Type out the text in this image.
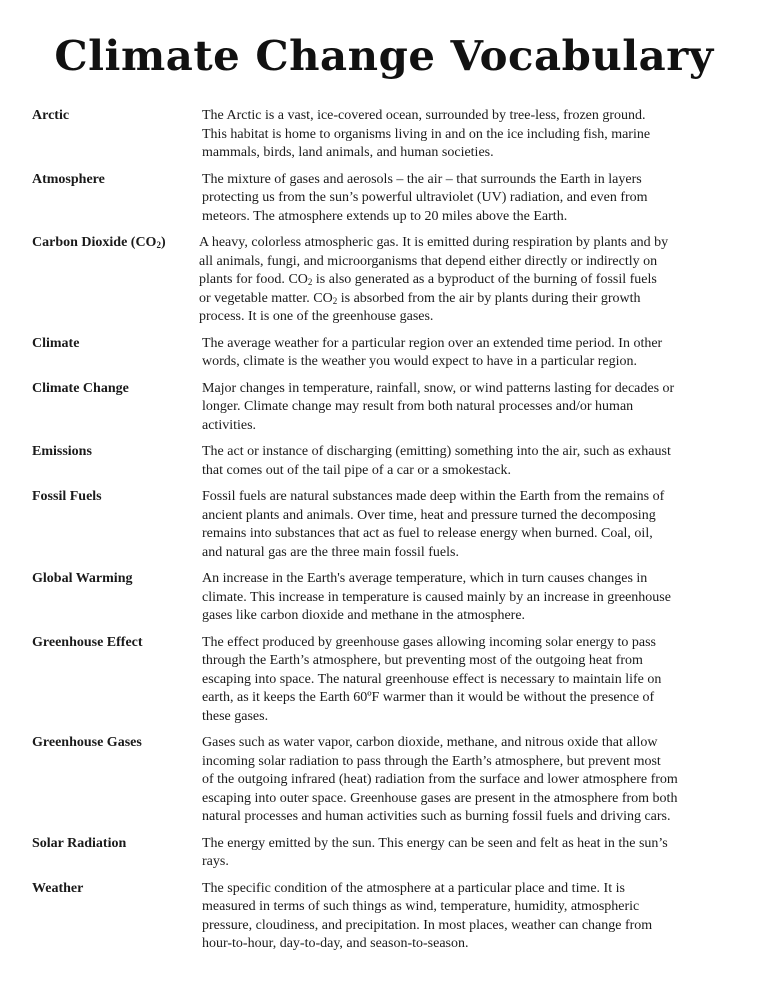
Climate Change Vocabulary
Arctic	The Arctic is a vast, ice-covered ocean, surrounded by tree-less, frozen ground.
This habitat is home to organisms living in and on the ice including fish, marine
mammals, birds, land animals, and human societies.
Atmosphere	The mixture of gases and aerosols – the air – that surrounds the Earth in layers
protecting us from the sun’s powerful ultraviolet (UV) radiation, and even from
meteors. The atmosphere extends up to 20 miles above the Earth.
Carbon Dioxide $(CO_2)$	A heavy, colorless atmospheric gas. It is emitted during respiration by plants and by
all animals, fungi, and microorganisms that depend either directly or indirectly on
plants for food. $CO_2$ is also generated as a byproduct of the burning of fossil fuels
or vegetable matter. $CO_2$ is absorbed from the air by plants during their growth
process. It is one of the greenhouse gases.
Climate	The average weather for a particular region over an extended time period. In other
words, climate is the weather you would expect to have in a particular region.
Climate Change	Major changes in temperature, rainfall, snow, or wind patterns lasting for decades or
longer. Climate change may result from both natural processes and/or human
activities.
Emissions	The act or instance of discharging (emitting) something into the air, such as exhaust
that comes out of the tail pipe of a car or a smokestack.
Fossil Fuels	Fossil fuels are natural substances made deep within the Earth from the remains of
ancient plants and animals. Over time, heat and pressure turned the decomposing
remains into substances that act as fuel to release energy when burned. Coal, oil,
and natural gas are the three main fossil fuels.
Global Warming	An increase in the Earth's average temperature, which in turn causes changes in
climate. This increase in temperature is caused mainly by an increase in greenhouse
gases like carbon dioxide and methane in the atmosphere.
Greenhouse Effect	The effect produced by greenhouse gases allowing incoming solar energy to pass
through the Earth’s atmosphere, but preventing most of the outgoing heat from
escaping into space. The natural greenhouse effect is necessary to maintain life on
earth, as it keeps the Earth 60ºF warmer than it would be without the presence of
these gases.
Greenhouse Gases	Gases such as water vapor, carbon dioxide, methane, and nitrous oxide that allow
incoming solar radiation to pass through the Earth’s atmosphere, but prevent most
of the outgoing infrared (heat) radiation from the surface and lower atmosphere from
escaping into outer space. Greenhouse gases are present in the atmosphere from both
natural processes and human activities such as burning fossil fuels and driving cars.
Solar Radiation	The energy emitted by the sun. This energy can be seen and felt as heat in the sun’s
rays.
Weather	The specific condition of the atmosphere at a particular place and time. It is
measured in terms of such things as wind, temperature, humidity, atmospheric
pressure, cloudiness, and precipitation. In most places, weather can change from
hour-to-hour, day-to-day, and season-to-season.
